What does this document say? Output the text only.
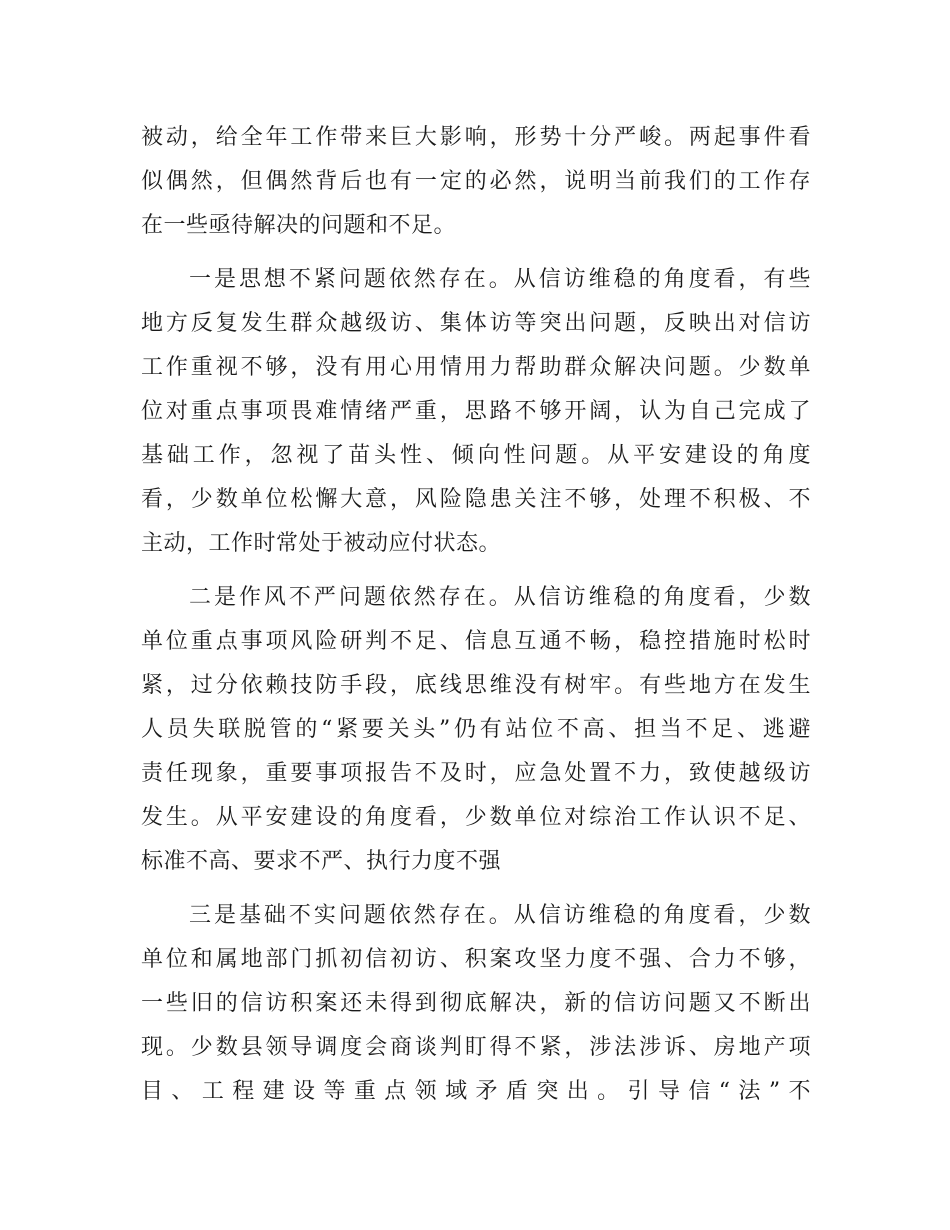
被动，给全年工作带来巨大影响，形势十分严峻。两起事件看
似偶然，但偶然背后也有一定的必然，说明当前我们的工作存
在一些亟待解决的问题和不足。
一是思想不紧问题依然存在。从信访维稳的角度看，有些
地方反复发生群众越级访、集体访等突出问题，反映出对信访
工作重视不够，没有用心用情用力帮助群众解决问题。少数单
位对重点事项畏难情绪严重，思路不够开阔，认为自己完成了
基础工作，忽视了苗头性、倾向性问题。从平安建设的角度
看，少数单位松懈大意，风险隐患关注不够，处理不积极、不
主动，工作时常处于被动应付状态。
二是作风不严问题依然存在。从信访维稳的角度看，少数
单位重点事项风险研判不足、信息互通不畅，稳控措施时松时
紧，过分依赖技防手段，底线思维没有树牢。有些地方在发生
人员失联脱管的“紧要关头”仍有站位不高、担当不足、逃避
责任现象，重要事项报告不及时，应急处置不力，致使越级访
发生。从平安建设的角度看，少数单位对综治工作认识不足、
标准不高、要求不严、执行力度不强
三是基础不实问题依然存在。从信访维稳的角度看，少数
单位和属地部门抓初信初访、积案攻坚力度不强、合力不够，
一些旧的信访积案还未得到彻底解决，新的信访问题又不断出
现。少数县领导调度会商谈判盯得不紧，涉法涉诉、房地产项
目、工程建设等重点领域矛盾突出。引导信“法”不
